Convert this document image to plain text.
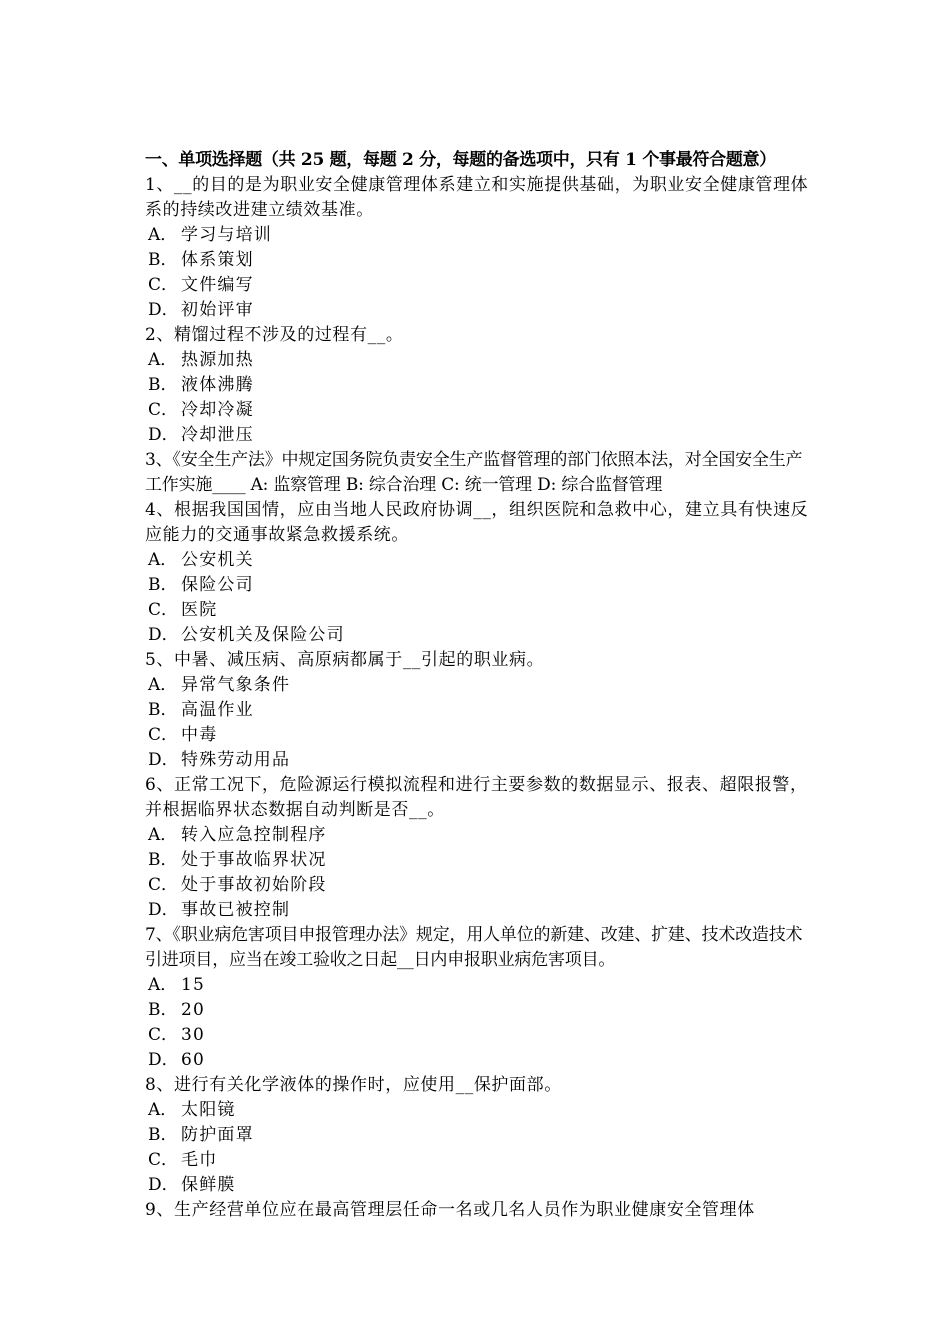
一、单项选择题（共 25 题，每题 2 分，每题的备选项中，只有 1 个事最符合题意）
1、__的目的是为职业安全健康管理体系建立和实施提供基础，为职业安全健康管理体系的持续改进建立绩效基准。
A． 学习与培训
B． 体系策划
C． 文件编写
D． 初始评审
2、精馏过程不涉及的过程有__。
A． 热源加热
B． 液体沸腾
C． 冷却冷凝
D． 冷却泄压
3、《安全生产法》中规定国务院负责安全生产监督管理的部门依照本法，对全国安全生产工作实施____ A: 监察管理 B: 综合治理 C: 统一管理 D: 综合监督管理
4、根据我国国情，应由当地人民政府协调__，组织医院和急救中心，建立具有快速反应能力的交通事故紧急救援系统。
A． 公安机关
B． 保险公司
C． 医院
D． 公安机关及保险公司
5、中暑、减压病、高原病都属于__引起的职业病。
A． 异常气象条件
B． 高温作业
C． 中毒
D． 特殊劳动用品
6、正常工况下，危险源运行模拟流程和进行主要参数的数据显示、报表、超限报警，并根据临界状态数据自动判断是否__。
A． 转入应急控制程序
B． 处于事故临界状况
C． 处于事故初始阶段
D． 事故已被控制
7、《职业病危害项目申报管理办法》规定，用人单位的新建、改建、扩建、技术改造技术引进项目，应当在竣工验收之日起__日内申报职业病危害项目。
A． 15
B． 20
C． 30
D． 60
8、进行有关化学液体的操作时，应使用__保护面部。
A． 太阳镜
B． 防护面罩
C． 毛巾
D． 保鲜膜
9、生产经营单位应在最高管理层任命一名或几名人员作为职业健康安全管理体
